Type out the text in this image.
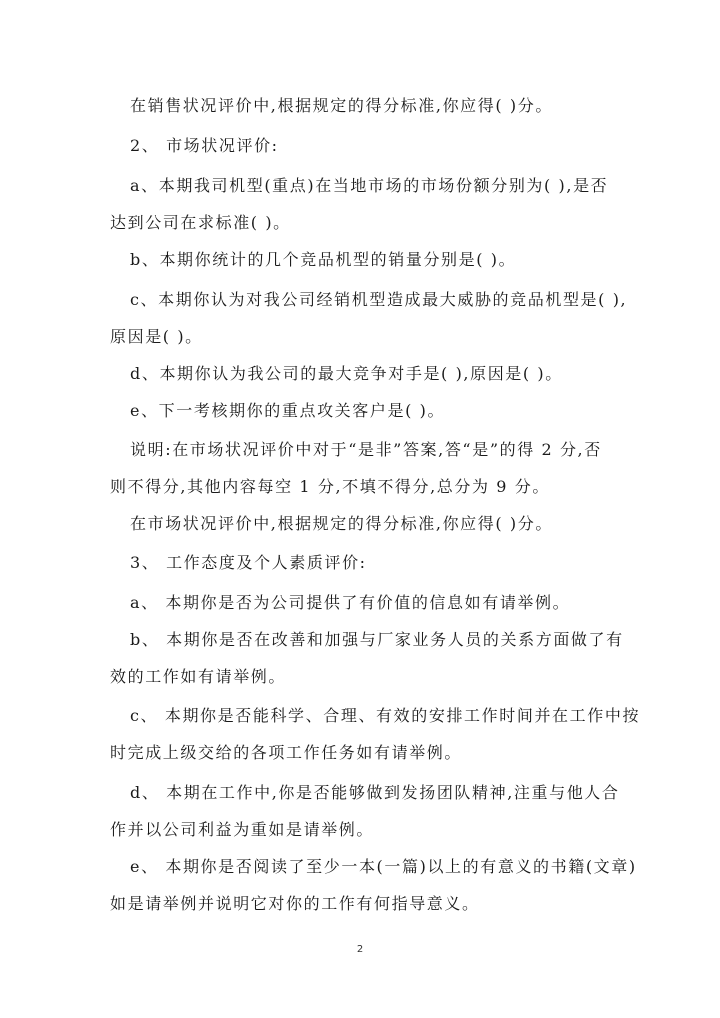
在销售状况评价中,根据规定的得分标准,你应得( )分。
2、 市场状况评价:
a、本期我司机型(重点)在当地市场的市场份额分别为( ),是否
达到公司在求标准( )。
b、本期你统计的几个竞品机型的销量分别是( )。
c、本期你认为对我公司经销机型造成最大威胁的竞品机型是( ),
原因是( )。
d、本期你认为我公司的最大竞争对手是( ),原因是( )。
e、下一考核期你的重点攻关客户是( )。
说明:在市场状况评价中对于“是非”答案,答“是”的得 2 分,否
则不得分,其他内容每空 1 分,不填不得分,总分为 9 分。
在市场状况评价中,根据规定的得分标准,你应得( )分。
3、 工作态度及个人素质评价:
a、 本期你是否为公司提供了有价值的信息如有请举例。
b、 本期你是否在改善和加强与厂家业务人员的关系方面做了有
效的工作如有请举例。
c、 本期你是否能科学、合理、有效的安排工作时间并在工作中按
时完成上级交给的各项工作任务如有请举例。
d、 本期在工作中,你是否能够做到发扬团队精神,注重与他人合
作并以公司利益为重如是请举例。
e、 本期你是否阅读了至少一本(一篇)以上的有意义的书籍(文章)
如是请举例并说明它对你的工作有何指导意义。
2
